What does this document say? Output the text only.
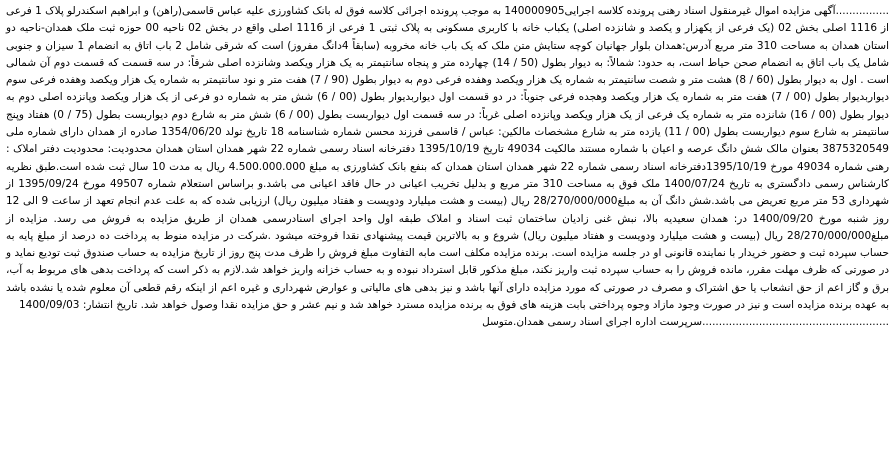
................آگهی مزایده اموال غیرمنقول اسناد رهنی پرونده کلاسه اجرایی140000905 به موجب پرونده اجرائی کلاسه فوق له بانک کشاورزی علیه عباس قاسمی(راهن) و ابراهیم اسکندرلو پلاک 1 فرعی از 1116 اصلی بخش 02 (یک فرعی از یکهزار و یکصد و شانزده اصلی) یکباب خانه با کاربری مسکونی به پلاک ثبتی 1 فرعی از 1116 اصلی واقع در بخش 02 ناحیه 00 حوزه ثبت ملک همدان-ناحیه دو استان همدان به مساحت 310 متر مربع آدرس:همدان بلوار جهانیان کوچه ستایش متن ملک که یک باب خانه مخروبه (سابقاً 4دانگ مفروز) است که شرقی شامل 2 باب اتاق به انضمام 1 سیزان و جنوبی شامل یک باب اتاق به انضمام صحن حیاط است، به حدود: شمالاً: به دیوار بطول (50 / 14) چهارده متر و پنجاه سانتیمتر به یک هزار ویکصد وشانزده اصلی شرقاً: در سه قسمت که قسمت دوم آن شمالی است . اول به دیوار بطول (60 / 8) هشت متر و شصت سانتیمتر به شماره یک هزار ویکصد وهفده فرعی دوم به دیوار بطول (90 / 7) هفت متر و نود سانتیمتر به شماره یک هزار ویکصد وهفده فرعی سوم دیواربدیوار بطول (00 / 7) هفت متر به شماره یک هزار ویکصد وهجده فرعی جنوباً: در دو قسمت اول دیواربدیوار بطول (00 / 6) شش متر به شماره دو فرعی از یک هزار ویکصد وپانزده اصلی دوم به دیوار بطول (00 / 16) شانزده متر به شماره یک فرعی از یک هزار ویکصد وپانزده اصلی غرباً: در سه قسمت اول دیواربست بطول (00 / 6) شش متر به شارع دوم دیواربست بطول (75 / 0) هفتاد وپنج سانتیمتر به شارع سوم دیواربست بطول (00 / 11) یازده متر به شارع مشخصات مالکین: عباس / قاسمی فرزند محسن شماره شناسنامه 18 تاریخ تولد 1354/06/20 صادره از همدان دارای شماره ملی 3875320549 بعنوان مالک شش دانگ عرصه و اعیان با شماره مستند مالکیت 49034 تاریخ 1395/10/19 دفترخانه اسناد رسمی شماره 22 شهر همدان استان همدان محدودیت: محدودیت دفتر املاک : رهنی شماره 49034 مورخ 1395/10/19دفترخانه اسناد رسمی شماره 22 شهر همدان استان همدان که بنفع بانک کشاورزی به مبلغ 4.500.000.000 ریال به مدت 10 سال ثبت شده است.طبق نظریه کارشناس رسمی دادگستری به تاریخ 1400/07/24 ملک فوق به مساحت 310 متر مربع و بدلیل تخریب اعیانی در حال فاقد اعیانی می باشد.و براساس استعلام شماره 49507 مورخ 1395/09/24 از شهرداری 53 متر مربع تعریض می باشد.شش دانگ آن به مبلغ28/270/000/000 ریال (بیست و هشت میلیارد ودویست و هفتاد میلیون ریال) ارزیابی شده که به علت عدم انجام تعهد از ساعت 9 الی 12 روز شنبه مورخ 1400/09/20 در: همدان سعیدیه بالا، نبش غنی زادیان ساختمان ثبت اسناد و املاک طبقه اول واحد اجرای اسنادرسمی همدان از طریق مزایده به فروش می رسد. مزایده از مبلغ28/270/000/000 ریال (بیست و هشت میلیارد ودویست و هفتاد میلیون ریال) شروع و به بالاترین قیمت پیشنهادی نقدا فروخته میشود .شرکت در مزایده منوط به پرداخت ده درصد از مبلغ پایه به حساب سپرده ثبت و حضور خریدار با نماینده قانونی او در جلسه مزایده است. برنده مزایده مکلف است مابه التفاوت مبلغ فروش را ظرف مدت پنج روز از تاریخ مزایده به حساب صندوق ثبت تودیع نماید و در صورتی که ظرف مهلت مقرر، مانده فروش را به حساب سپرده ثبت واریز نکند، مبلغ مذکور قابل استرداد نبوده و به حساب خزانه واریز خواهد شد.لازم به ذکر است که پرداخت بدهی های مربوط به آب، برق و گاز اعم از حق انشعاب یا حق اشتراک و مصرف در صورتی که مورد مزایده دارای آنها باشد و نیز بدهی های مالیاتی و عوارض شهرداری و غیره اعم از اینکه رقم قطعی آن معلوم شده یا نشده باشد به عهده برنده مزایده است و نیز در صورت وجود مازاد وجوه پرداختی بابت هزینه های فوق به برنده مزایده مسترد خواهد شد و نیم عشر و حق مزایده نقدا وصول خواهد شد. تاریخ انتشار: 1400/09/03
........................................................سرپرست اداره اجرای اسناد رسمی همدان.متوسل
